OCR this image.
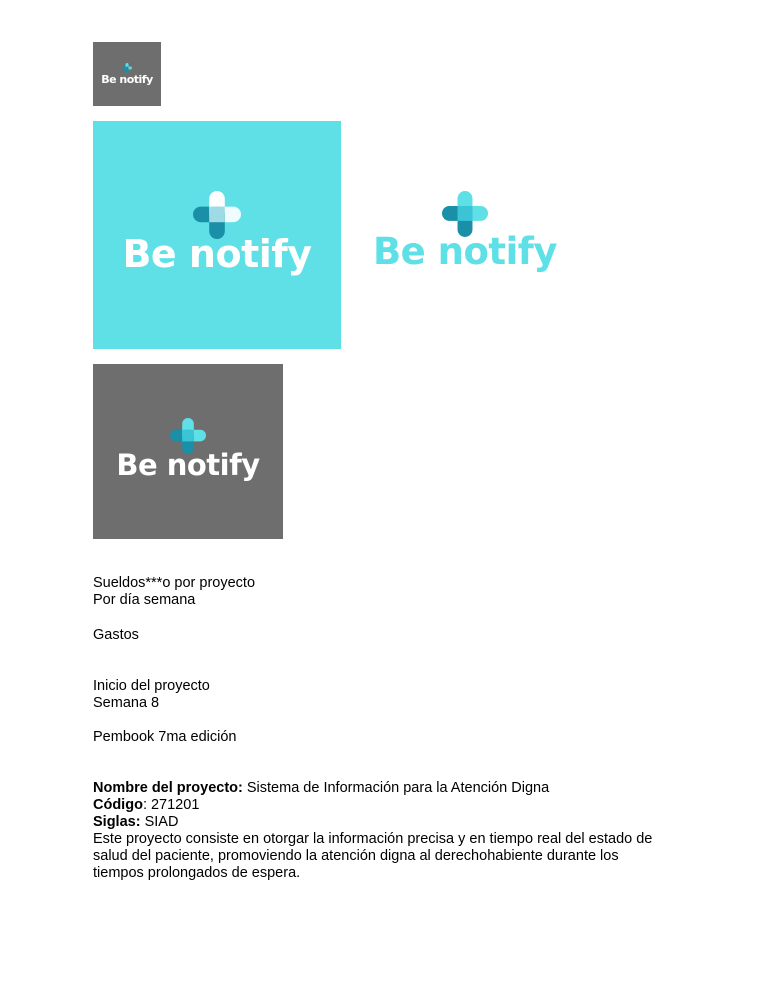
Be notify
Be notify Be notify
Be notify

Sueldos***o por proyecto

Por día semana

Gastos

Inicio del proyecto

Semana 8

Pembook 7ma edición

Nombre del proyecto: Sistema de Información para la Atención Digna

Código: 271201

Siglas: SIAD

Este proyecto consiste en otorgar la información precisa y en tiempo real del estado de salud del paciente, promoviendo la atención digna al derechohabiente durante los tiempos prolongados de espera.
